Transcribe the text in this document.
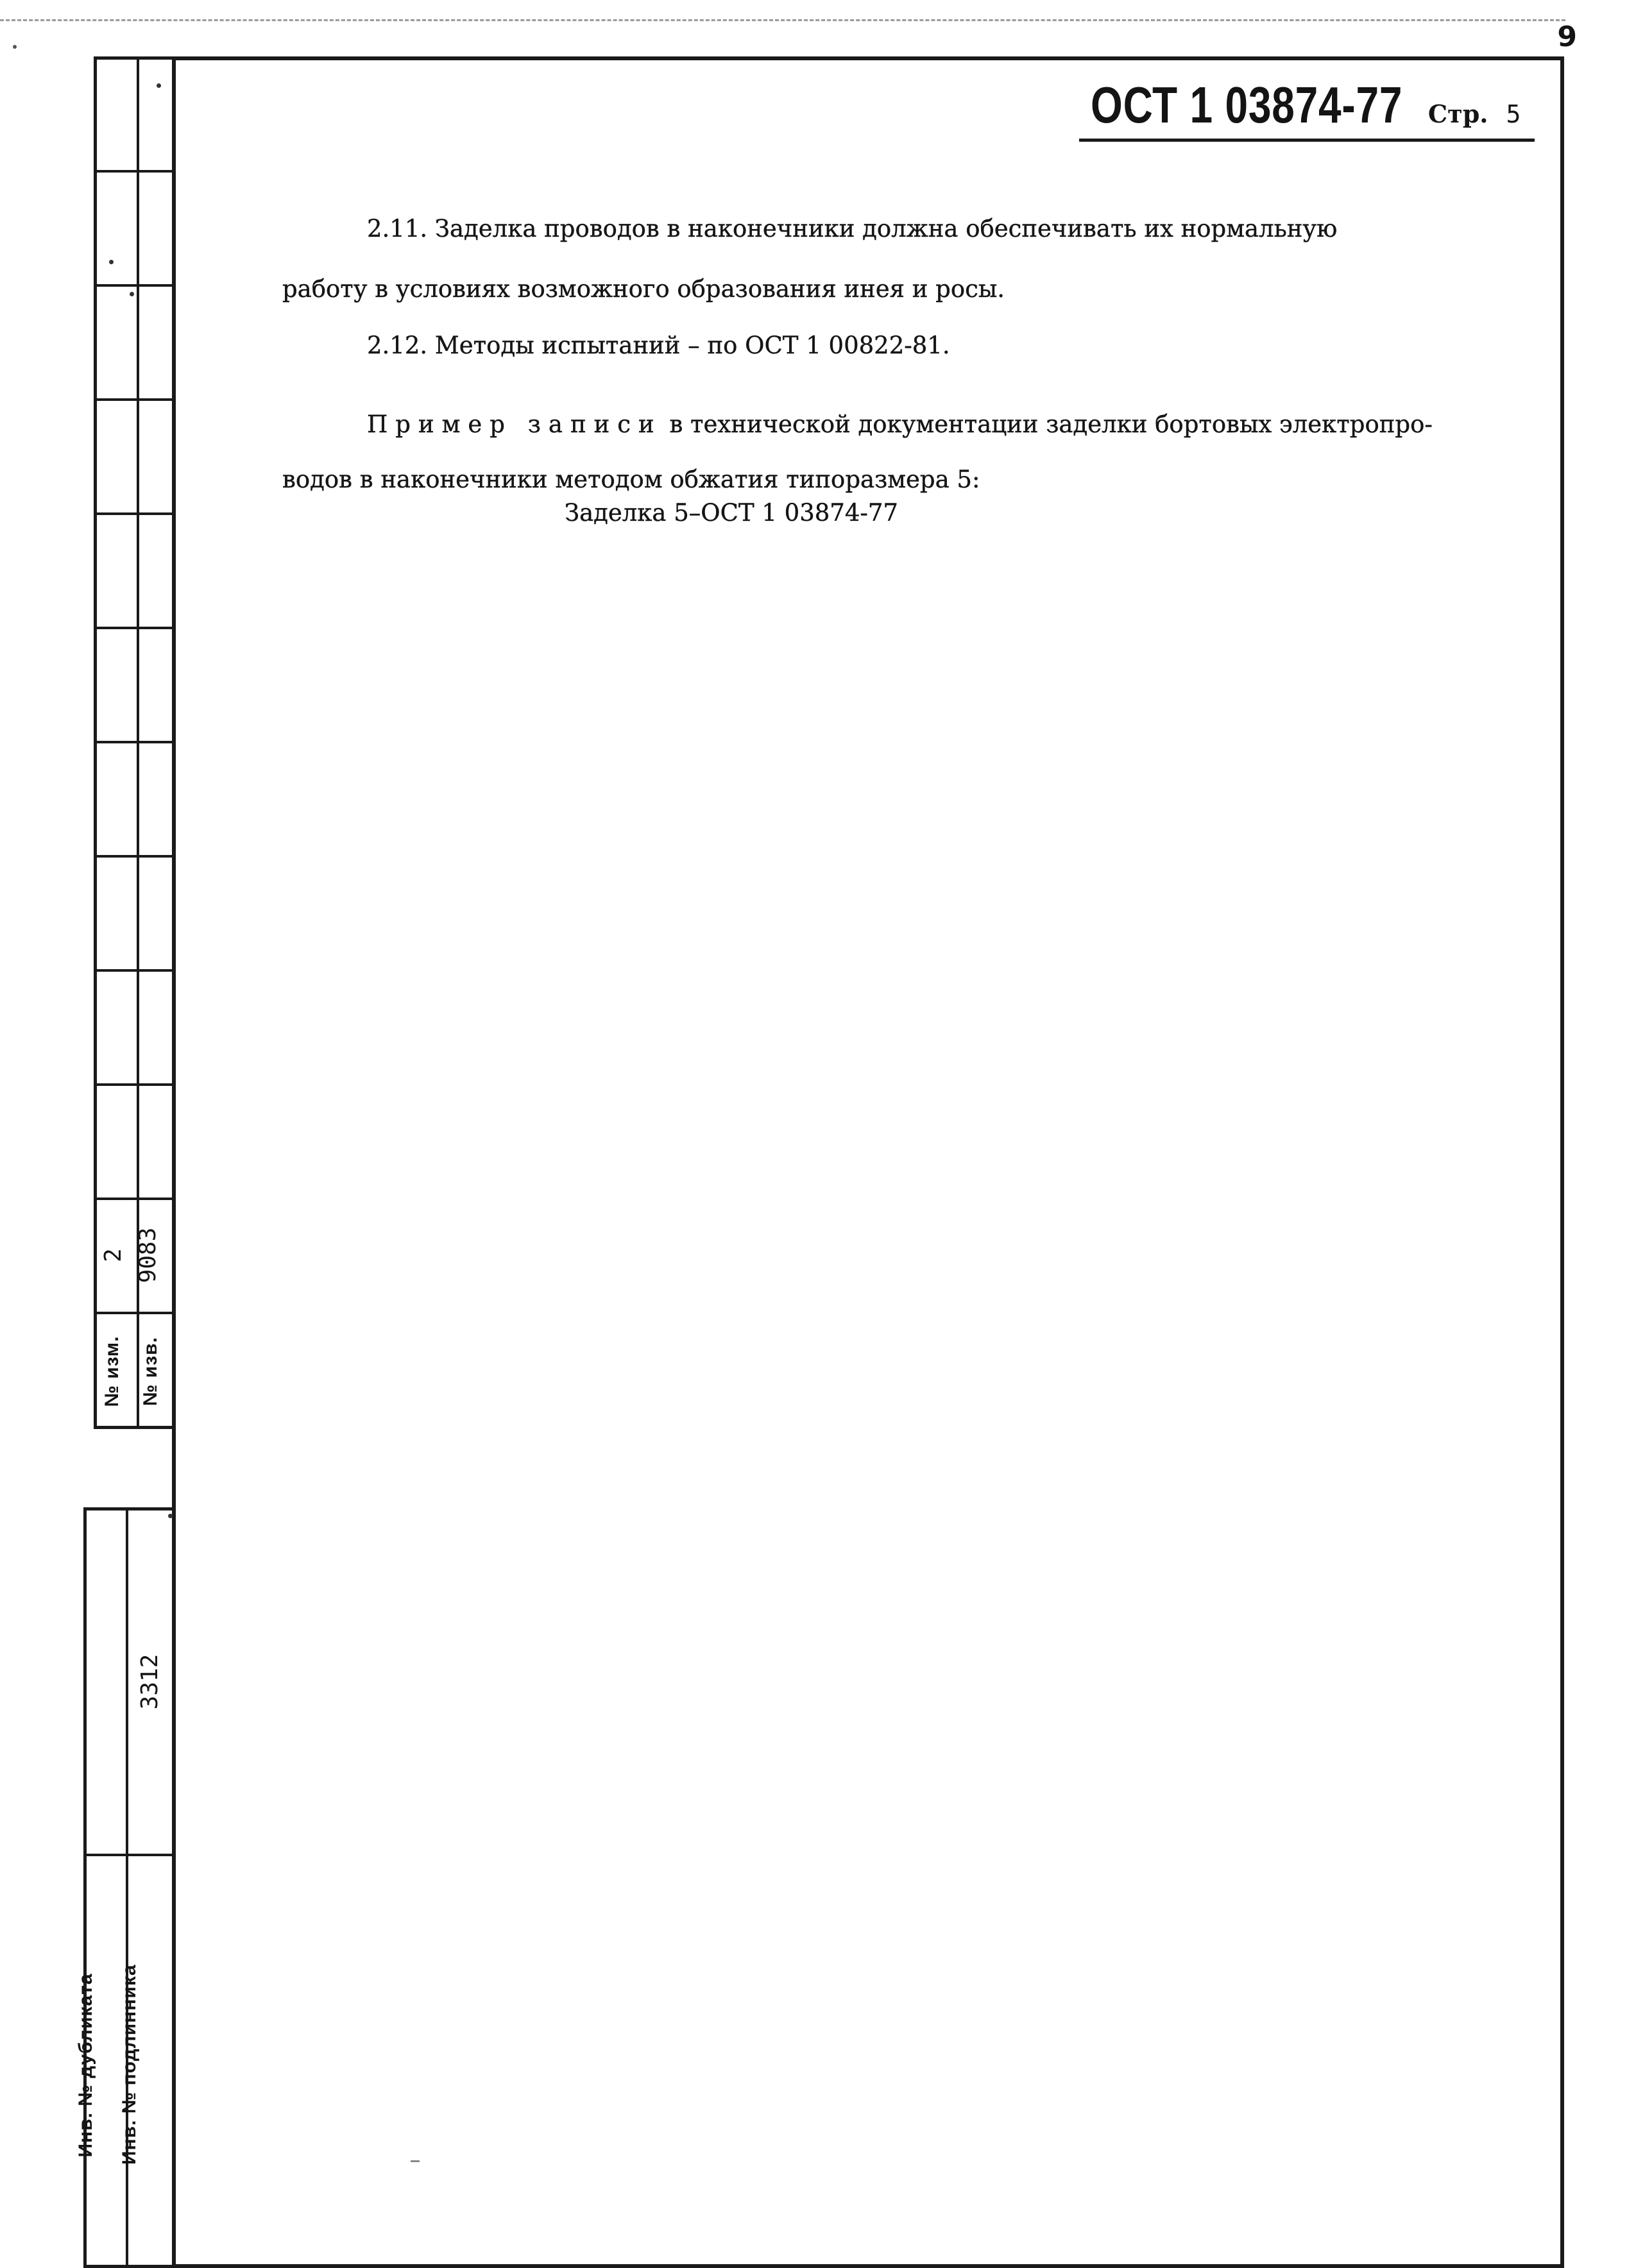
9
2
№ изм.
9083
№ изв.
3312
Инв. № дубликата Инв. № подлинника
ОСТ 1 03874-77 Стр. 5
2.11. Заделка проводов в наконечники должна обеспечивать их нормальную
работу в условиях возможного образования инея и росы.
2.12. Методы испытаний – по ОСТ 1 00822-81.
Пример записи в технической документации заделки бортовых электропро-
водов в наконечники методом обжатия типоразмера 5:
Заделка 5–ОСТ 1 03874-77
